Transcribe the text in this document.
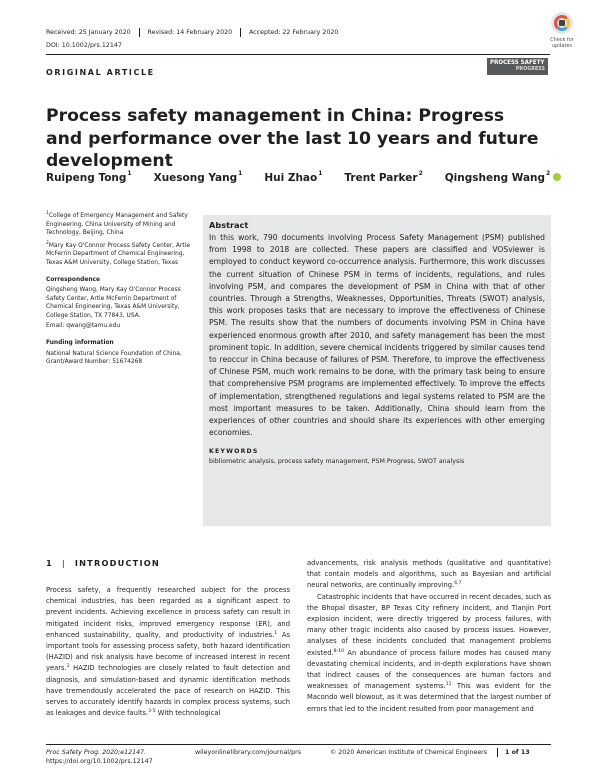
Received: 25 January 2020	Revised: 14 February 2020	Accepted: 22 February 2020
DOI: 10.1002/prs.12147
Check for
updates
ORIGINAL ARTICLE
PROCESS SAFETY
PROGRESS
Process safety management in China: Progress and performance over the last 10 years and future development
Ruipeng Tong$^1$ Xuesong Yang$^1$ Hui Zhao$^1$ Trent Parker$^2$ Qingsheng Wang$^2$

$^1$College of Emergency Management and Safety Engineering, China University of Mining and Technology, Beijing, China

$^2$Mary Kay O'Connor Process Safety Center, Artie McFerrin Department of Chemical Engineering, Texas A&M University, College Station, Texas

Correspondence

Qingsheng Wang, Mary Kay O'Connor Process Safety Center, Artie McFerrin Department of Chemical Engineering, Texas A&M University, College Station, TX 77843, USA.

Email: qwang@tamu.edu

Funding information

National Natural Science Foundation of China, Grant/Award Number: 51674268

Abstract
In this work, 790 documents involving Process Safety Management (PSM) published from 1998 to 2018 are collected. These papers are classified and VOSviewer is employed to conduct keyword co-occurrence analysis. Furthermore, this work discusses the current situation of Chinese PSM in terms of incidents, regulations, and rules involving PSM, and compares the development of PSM in China with that of other countries. Through a Strengths, Weaknesses, Opportunities, Threats (SWOT) analysis, this work proposes tasks that are necessary to improve the effectiveness of Chinese PSM. The results show that the numbers of documents involving PSM in China have experienced enormous growth after 2010, and safety management has been the most prominent topic. In addition, severe chemical incidents triggered by similar causes tend to reoccur in China because of failures of PSM. Therefore, to improve the effectiveness of Chinese PSM, much work remains to be done, with the primary task being to ensure that comprehensive PSM programs are implemented effectively. To improve the effects of implementation, strengthened regulations and legal systems related to PSM are the most important measures to be taken. Additionally, China should learn from the experiences of other countries and should share its experiences with other emerging economies.
KEYWORDS
bibliometric analysis, process safety management, PSM Progress, SWOT analysis
1 | INTRODUCTION

Process safety, a frequently researched subject for the process chemical industries, has been regarded as a significant aspect to prevent incidents. Achieving excellence in process safety can result in mitigated incident risks, improved emergency response (ER), and enhanced sustainability, quality, and productivity of industries.$^1$ As important tools for assessing process safety, both hazard identification (HAZID) and risk analysis have become of increased interest in recent years.$^2$ HAZID technologies are closely related to fault detection and diagnosis, and simulation-based and dynamic identification methods have tremendously accelerated the pace of research on HAZID. This serves to accurately identify hazards in complex process systems, such as leakages and device faults.$^{3-5}$ With technological

advancements, risk analysis methods (qualitative and quantitative) that contain models and algorithms, such as Bayesian and artificial neural networks, are continually improving.$^{6,7}$

Catastrophic incidents that have occurred in recent decades, such as the Bhopal disaster, BP Texas City refinery incident, and Tianjin Port explosion incident, were directly triggered by process failures, with many other tragic incidents also caused by process issues. However, analyses of these incidents concluded that management problems existed.$^{8-10}$ An abundance of process failure modes has caused many devastating chemical incidents, and in-depth explorations have shown that indirect causes of the consequences are human factors and weaknesses of management systems.$^{11}$ This was evident for the Macondo well blowout, as it was determined that the largest number of errors that led to the incident resulted from poor management and

Proc Safety Prog. 2020;e12147.
https://doi.org/10.1002/prs.12147
wileyonlinelibrary.com/journal/prs	© 2020 American Institute of Chemical Engineers	1 of 13
